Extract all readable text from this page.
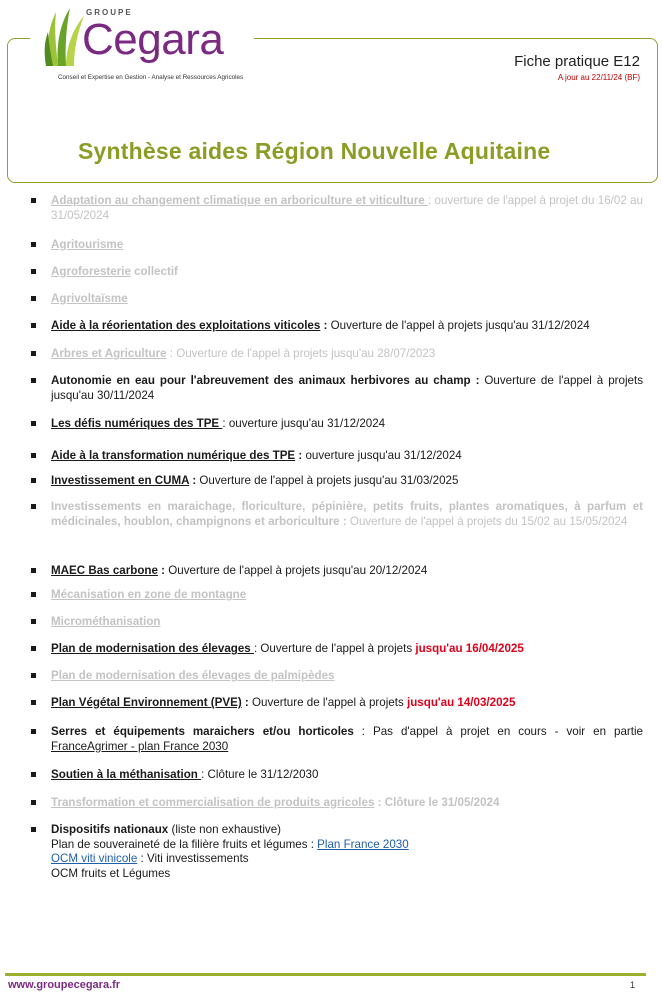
GROUPE
Cegara
Conseil et Expertise en Gestion - Analyse et Ressources Agricoles
Fiche pratique E12
A jour au 22/11/24 (BF)
Synthèse aides Région Nouvelle Aquitaine
Adaptation au changement climatique en arboriculture et viticulture : ouverture de l'appel à projet du 16/02 au 31/05/2024
Agritourisme
Agroforesterie collectif
Agrivoltaïsme
Aide à la réorientation des exploitations viticoles : Ouverture de l'appel à projets jusqu'au 31/12/2024
Arbres et Agriculture : Ouverture de l'appel à projets jusqu'au 28/07/2023
Autonomie en eau pour l'abreuvement des animaux herbivores au champ : Ouverture de l'appel à projets jusqu'au 30/11/2024
Les défis numériques des TPE : ouverture jusqu'au 31/12/2024
Aide à la transformation numérique des TPE : ouverture jusqu'au 31/12/2024
Investissement en CUMA : Ouverture de l'appel à projets jusqu'au 31/03/2025
Investissements en maraichage, floriculture, pépinière, petits fruits, plantes aromatiques, à parfum et médicinales, houblon, champignons et arboriculture : Ouverture de l'appel à projets du 15/02 au 15/05/2024
MAEC Bas carbone : Ouverture de l'appel à projets jusqu'au 20/12/2024
Mécanisation en zone de montagne
Microméthanisation
Plan de modernisation des élevages : Ouverture de l'appel à projets jusqu'au 16/04/2025
Plan de modernisation des élevages de palmipèdes
Plan Végétal Environnement (PVE) : Ouverture de l'appel à projets jusqu'au 14/03/2025
Serres et équipements maraichers et/ou horticoles : Pas d'appel à projet en cours - voir en partie FranceAgrimer - plan France 2030
Soutien à la méthanisation : Clôture le 31/12/2030
Transformation et commercialisation de produits agricoles : Clôture le 31/05/2024
Dispositifs nationaux (liste non exhaustive)
Plan de souveraineté de la filière fruits et légumes : Plan France 2030
OCM viti vinicole : Viti investissements
OCM fruits et Légumes
www.groupecegara.fr	1
